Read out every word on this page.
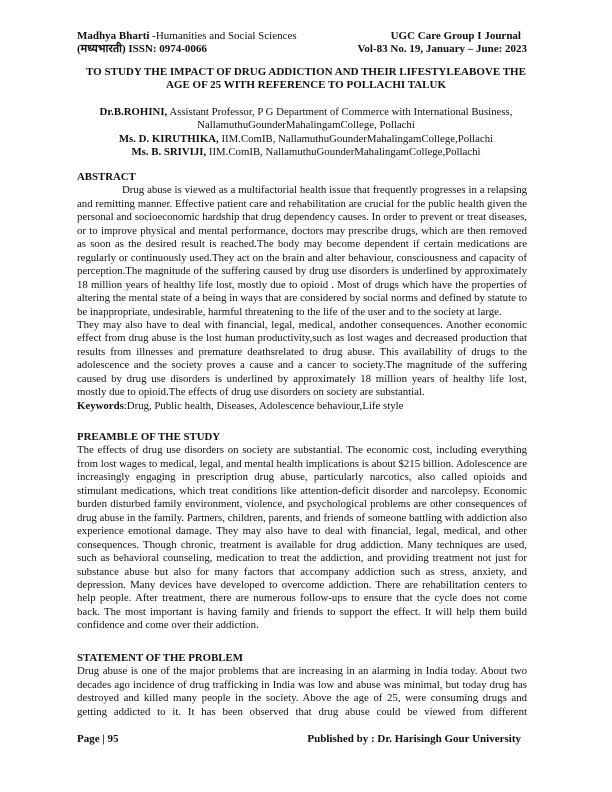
Madhya Bharti -Humanities and Social Sciences	UGC Care Group I Journal
(मध्यभारती) ISSN: 0974-0066	Vol-83 No. 19, January – June: 2023
TO STUDY THE IMPACT OF DRUG ADDICTION AND THEIR LIFESTYLEABOVE THE
AGE OF 25 WITH REFERENCE TO POLLACHI TALUK
Dr.B.ROHINI, Assistant Professor, P G Department of Commerce with International Business,
NallamuthuGounderMahalingamCollege, Pollachi
Ms. D. KIRUTHIKA, IIM.ComIB, NallamuthuGounderMahalingamCollege,Pollachi
Ms. B. SRIVIJI, IIM.ComIB, NallamuthuGounderMahalingamCollege,Pollachi
ABSTRACT

Drug abuse is viewed as a multifactorial health issue that frequently progresses in a relapsing and remitting manner. Effective patient care and rehabilitation are crucial for the public health given the personal and socioeconomic hardship that drug dependency causes. In order to prevent or treat diseases, or to improve physical and mental performance, doctors may prescribe drugs, which are then removed as soon as the desired result is reached.The body may become dependent if certain medications are regularly or continuously used.They act on the brain and alter behaviour, consciousness and capacity of perception.The magnitude of the suffering caused by drug use disorders is underlined by approximately 18 million years of healthy life lost, mostly due to opioid . Most of drugs which have the properties of altering the mental state of a being in ways that are considered by social norms and defined by statute to be inappropriate, undesirable, harmful threatening to the life of the user and to the society at large.

They may also have to deal with financial, legal, medical, andother consequences. Another economic effect from drug abuse is the lost human productivity,such as lost wages and decreased production that results from illnesses and premature deathsrelated to drug abuse. This availability of drugs to the adolescence and the society proves a cause and a cancer to society.The magnitude of the suffering caused by drug use disorders is underlined by approximately 18 million years of healthy life lost, mostly due to opioid.The effects of drug use disorders on society are substantial.

Keywords:Drug, Public health, Diseases, Adolescence behaviour,Life style

PREAMBLE OF THE STUDY

The effects of drug use disorders on society are substantial. The economic cost, including everything from lost wages to medical, legal, and mental health implications is about $215 billion. Adolescence are increasingly engaging in prescription drug abuse, particularly narcotics, also called opioids and stimulant medications, which treat conditions like attention-deficit disorder and narcolepsy. Economic burden disturbed family environment, violence, and psychological problems are other consequences of drug abuse in the family. Partners, children, parents, and friends of someone battling with addiction also experience emotional damage. They may also have to deal with financial, legal, medical, and other consequences. Though chronic, treatment is available for drug addiction. Many techniques are used, such as behavioral counseling, medication to treat the addiction, and providing treatment not just for substance abuse but also for many factors that accompany addiction such as stress, anxiety, and depression. Many devices have developed to overcome addiction. There are rehabilitation centers to help people. After treatment, there are numerous follow-ups to ensure that the cycle does not come back. The most important is having family and friends to support the effect. It will help them build confidence and come over their addiction.

STATEMENT OF THE PROBLEM

Drug abuse is one of the major problems that are increasing in an alarming in India today. About two decades ago incidence of drug trafficking in India was low and abuse was minimal, but today drug has destroyed and killed many people in the society. Above the age of 25, were consuming drugs and getting addicted to it. It has been observed that drug abuse could be viewed from different

Page | 95	Published by : Dr. Harisingh Gour University
